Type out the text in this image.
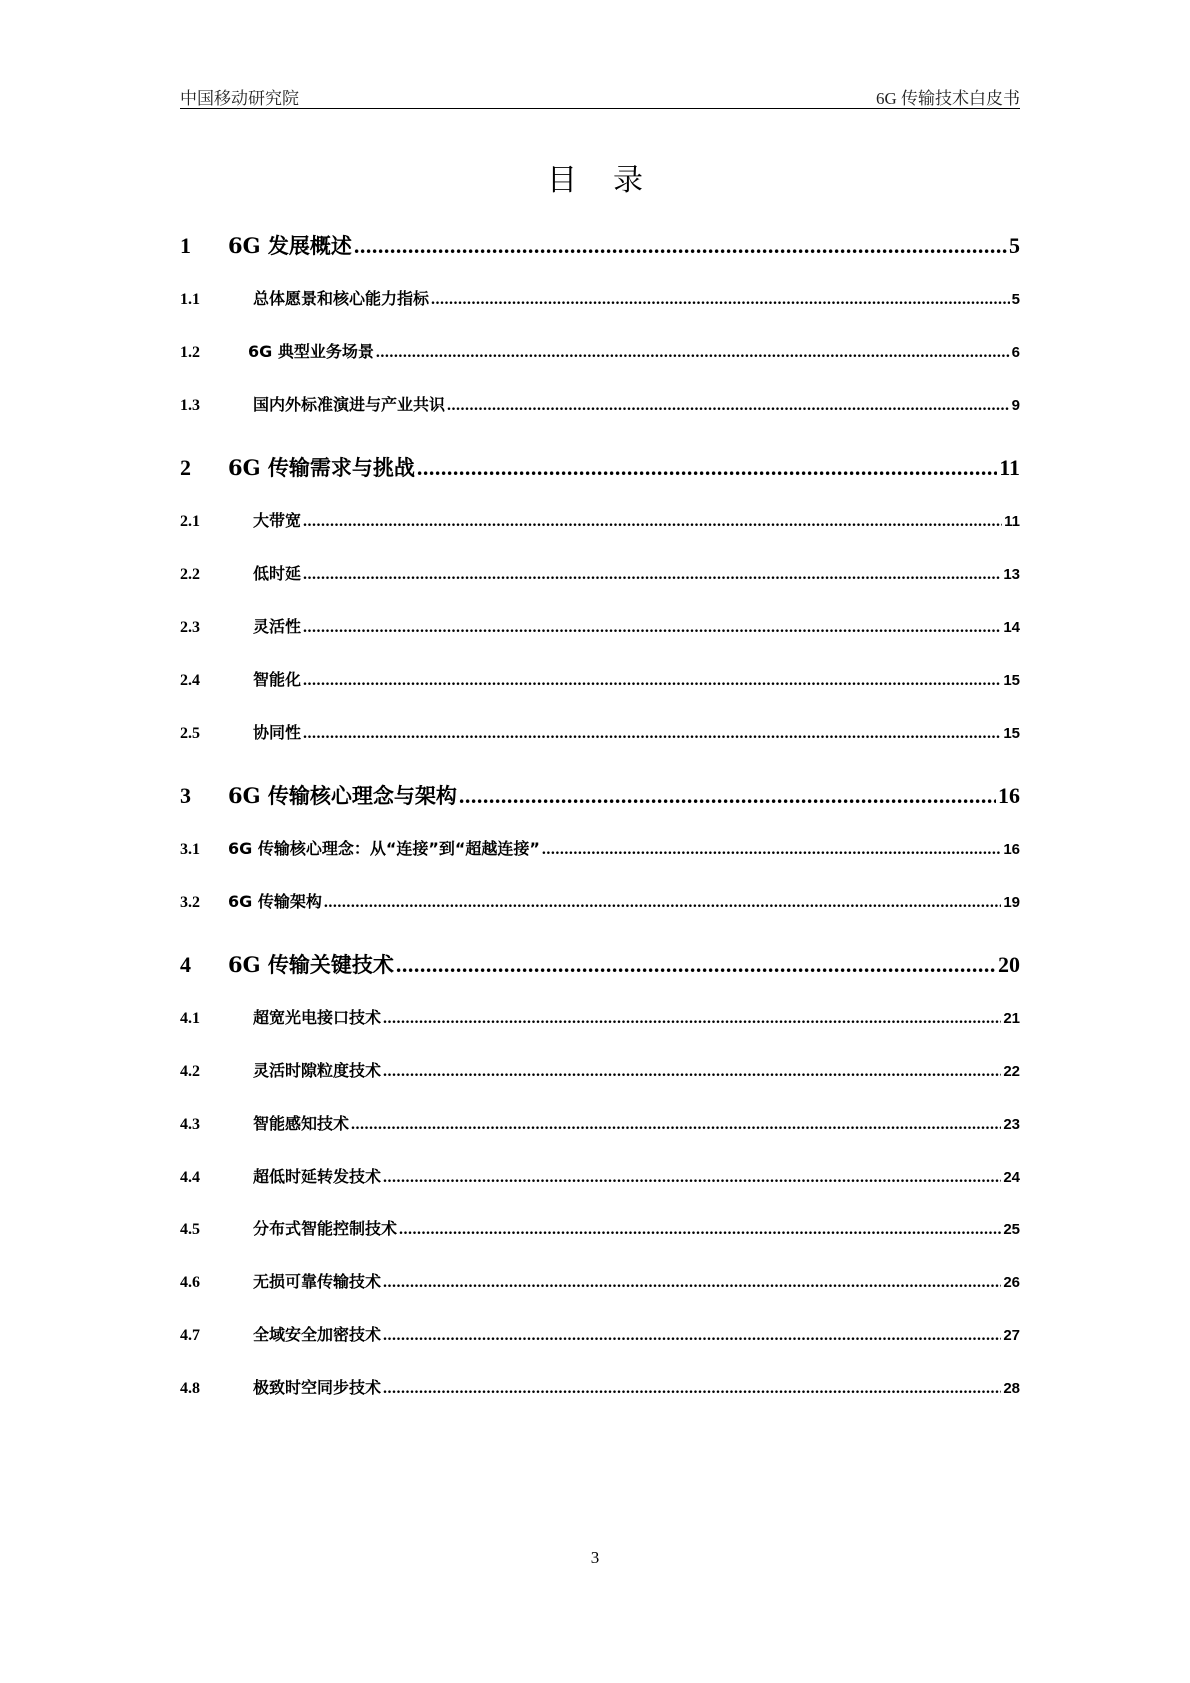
中国移动研究院	6G 传输技术白皮书
目录
1	6G 发展概述 .....	5
1.1	总体愿景和核心能力指标 .....	5
1.2	6G 典型业务场景 .....	6
1.3	国内外标准演进与产业共识 .....	9
2	6G 传输需求与挑战 .....	11
2.1	大带宽 .....	11
2.2	低时延 .....	13
2.3	灵活性 .....	14
2.4	智能化 .....	15
2.5	协同性 .....	15
3	6G 传输核心理念与架构 .....	16
3.1	6G 传输核心理念：从“连接”到“超越连接” .....	16
3.2	6G 传输架构 .....	19
4	6G 传输关键技术 .....	20
4.1	超宽光电接口技术 .....	21
4.2	灵活时隙粒度技术 .....	22
4.3	智能感知技术 .....	23
4.4	超低时延转发技术 .....	24
4.5	分布式智能控制技术 .....	25
4.6	无损可靠传输技术 .....	26
4.7	全域安全加密技术 .....	27
4.8	极致时空同步技术 .....	28
3
